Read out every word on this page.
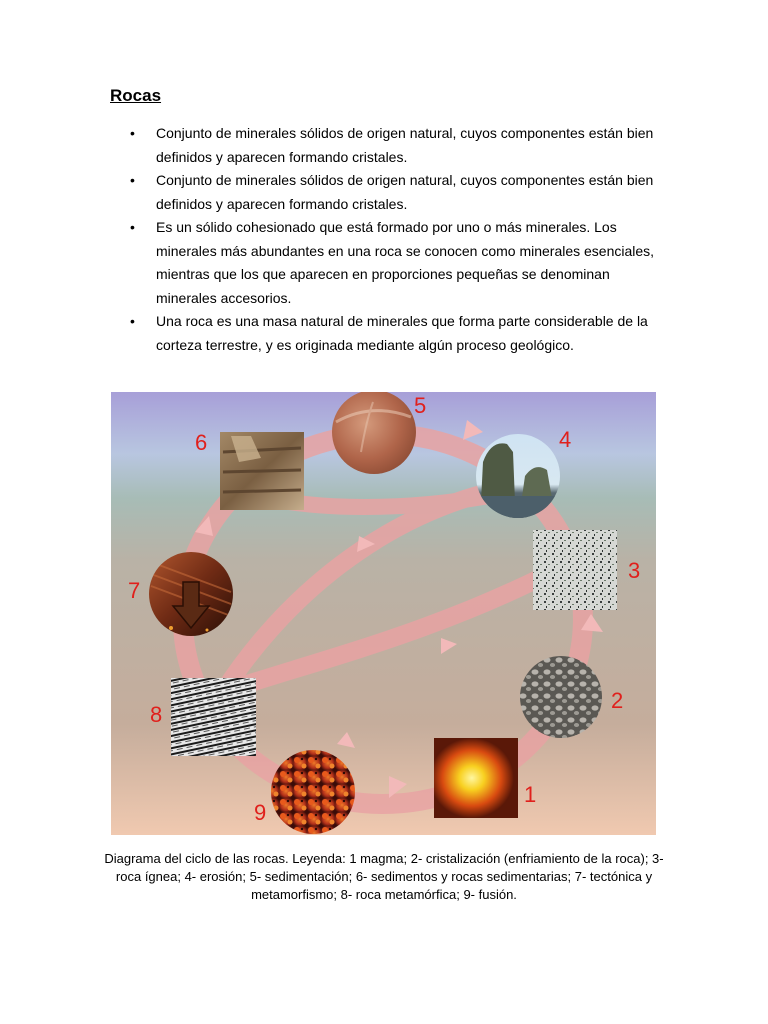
Rocas
• Conjunto de minerales sólidos de origen natural, cuyos componentes están bien definidos y aparecen formando cristales.
• Conjunto de minerales sólidos de origen natural, cuyos componentes están bien definidos y aparecen formando cristales.
• Es un sólido cohesionado que está formado por uno o más minerales. Los minerales más abundantes en una roca se conocen como minerales esenciales, mientras que los que aparecen en proporciones pequeñas se denominan minerales accesorios.
• Una roca es una masa natural de minerales que forma parte considerable de la corteza terrestre, y es originada mediante algún proceso geológico.
5
4
6
3
7
2
8
1
9
Diagrama del ciclo de las rocas. Leyenda: 1 magma; 2- cristalización (enfriamiento de la roca); 3- roca ígnea; 4- erosión; 5- sedimentación; 6- sedimentos y rocas sedimentarias; 7- tectónica y metamorfismo; 8- roca metamórfica; 9- fusión.
